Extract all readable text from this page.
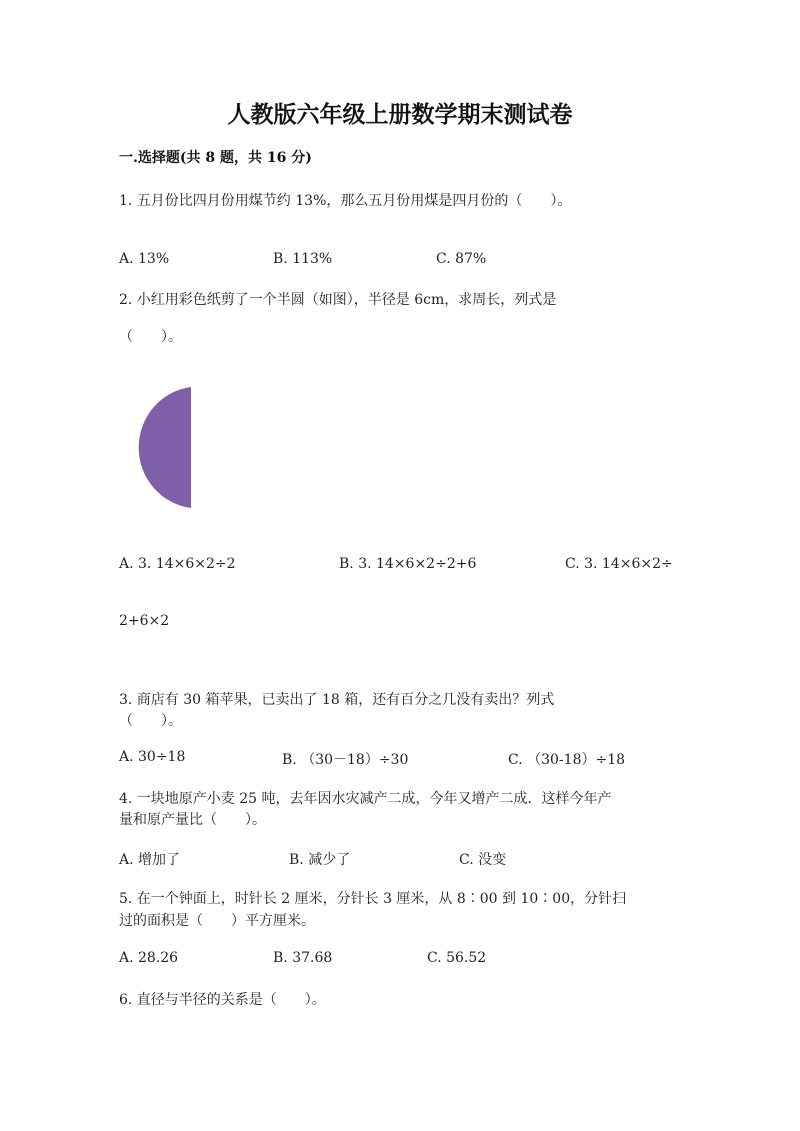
人教版六年级上册数学期末测试卷
一.选择题(共 8 题，共 16 分)
1. 五月份比四月份用煤节约 13%，那么五月份用煤是四月份的（　　）。
A. 13%	B. 113%	C. 87%
2. 小红用彩色纸剪了一个半圆（如图），半径是 6cm，求周长，列式是
（　　）。
A. 3. 14×6×2÷2	B. 3. 14×6×2÷2+6	C. 3. 14×6×2÷
2+6×2
3. 商店有 30 箱苹果，已卖出了 18 箱，还有百分之几没有卖出？列式
（　　）。
A. 30÷18	B. （30－18）÷30	C. （30-18）÷18
4. 一块地原产小麦 25 吨，去年因水灾减产二成，今年又增产二成．这样今年产
量和原产量比（　　）。
A. 增加了	B. 减少了	C. 没变
5. 在一个钟面上，时针长 2 厘米，分针长 3 厘米，从 8∶00 到 10∶00，分针扫
过的面积是（　　）平方厘米。
A. 28.26	B. 37.68	C. 56.52
6. 直径与半径的关系是（　　）。
